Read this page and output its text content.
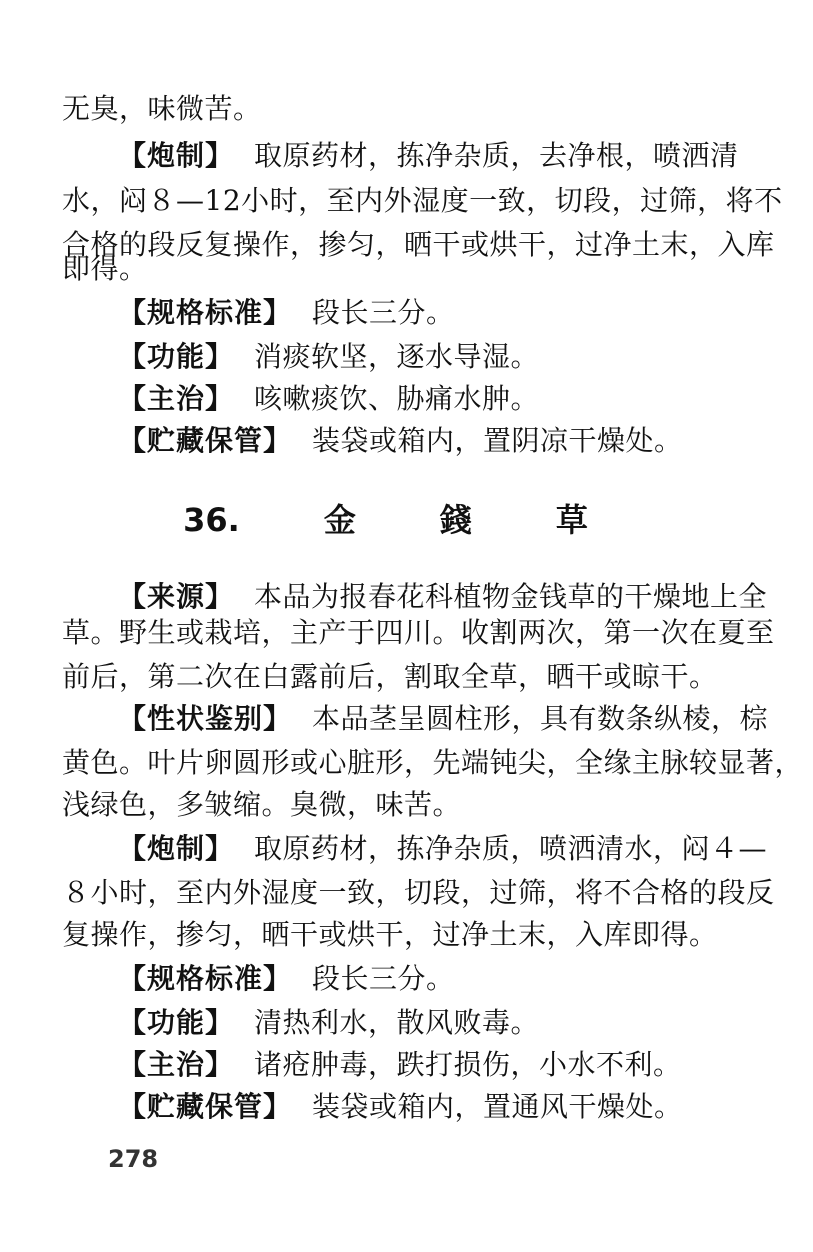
无臭，味微苦。
【炮制】 取原药材，拣净杂质，去净根，喷洒清
水，闷８—12小时，至内外湿度一致，切段，过筛，将不
合格的段反复操作，掺匀，晒干或烘干，过净土末，入库
即得。
【规格标准】 段长三分。
【功能】 消痰软坚，逐水导湿。
【主治】 咳嗽痰饮、胁痛水肿。
【贮藏保管】 装袋或箱内，置阴凉干燥处。
36.	金	錢	草
【来源】 本品为报春花科植物金钱草的干燥地上全
草。野生或栽培，主产于四川。收割两次，第一次在夏至
前后，第二次在白露前后，割取全草，晒干或晾干。
【性状鉴别】 本品茎呈圆柱形，具有数条纵棱，棕
黄色。叶片卵圆形或心脏形，先端钝尖，全缘主脉较显著，
浅绿色，多皱缩。臭微，味苦。
【炮制】 取原药材，拣净杂质，喷洒清水，闷４—
８小时，至内外湿度一致，切段，过筛，将不合格的段反
复操作，掺匀，晒干或烘干，过净土末，入库即得。
【规格标准】 段长三分。
【功能】 清热利水，散风败毒。
【主治】 诸疮肿毒，跌打损伤，小水不利。
【贮藏保管】 装袋或箱内，置通风干燥处。
278
